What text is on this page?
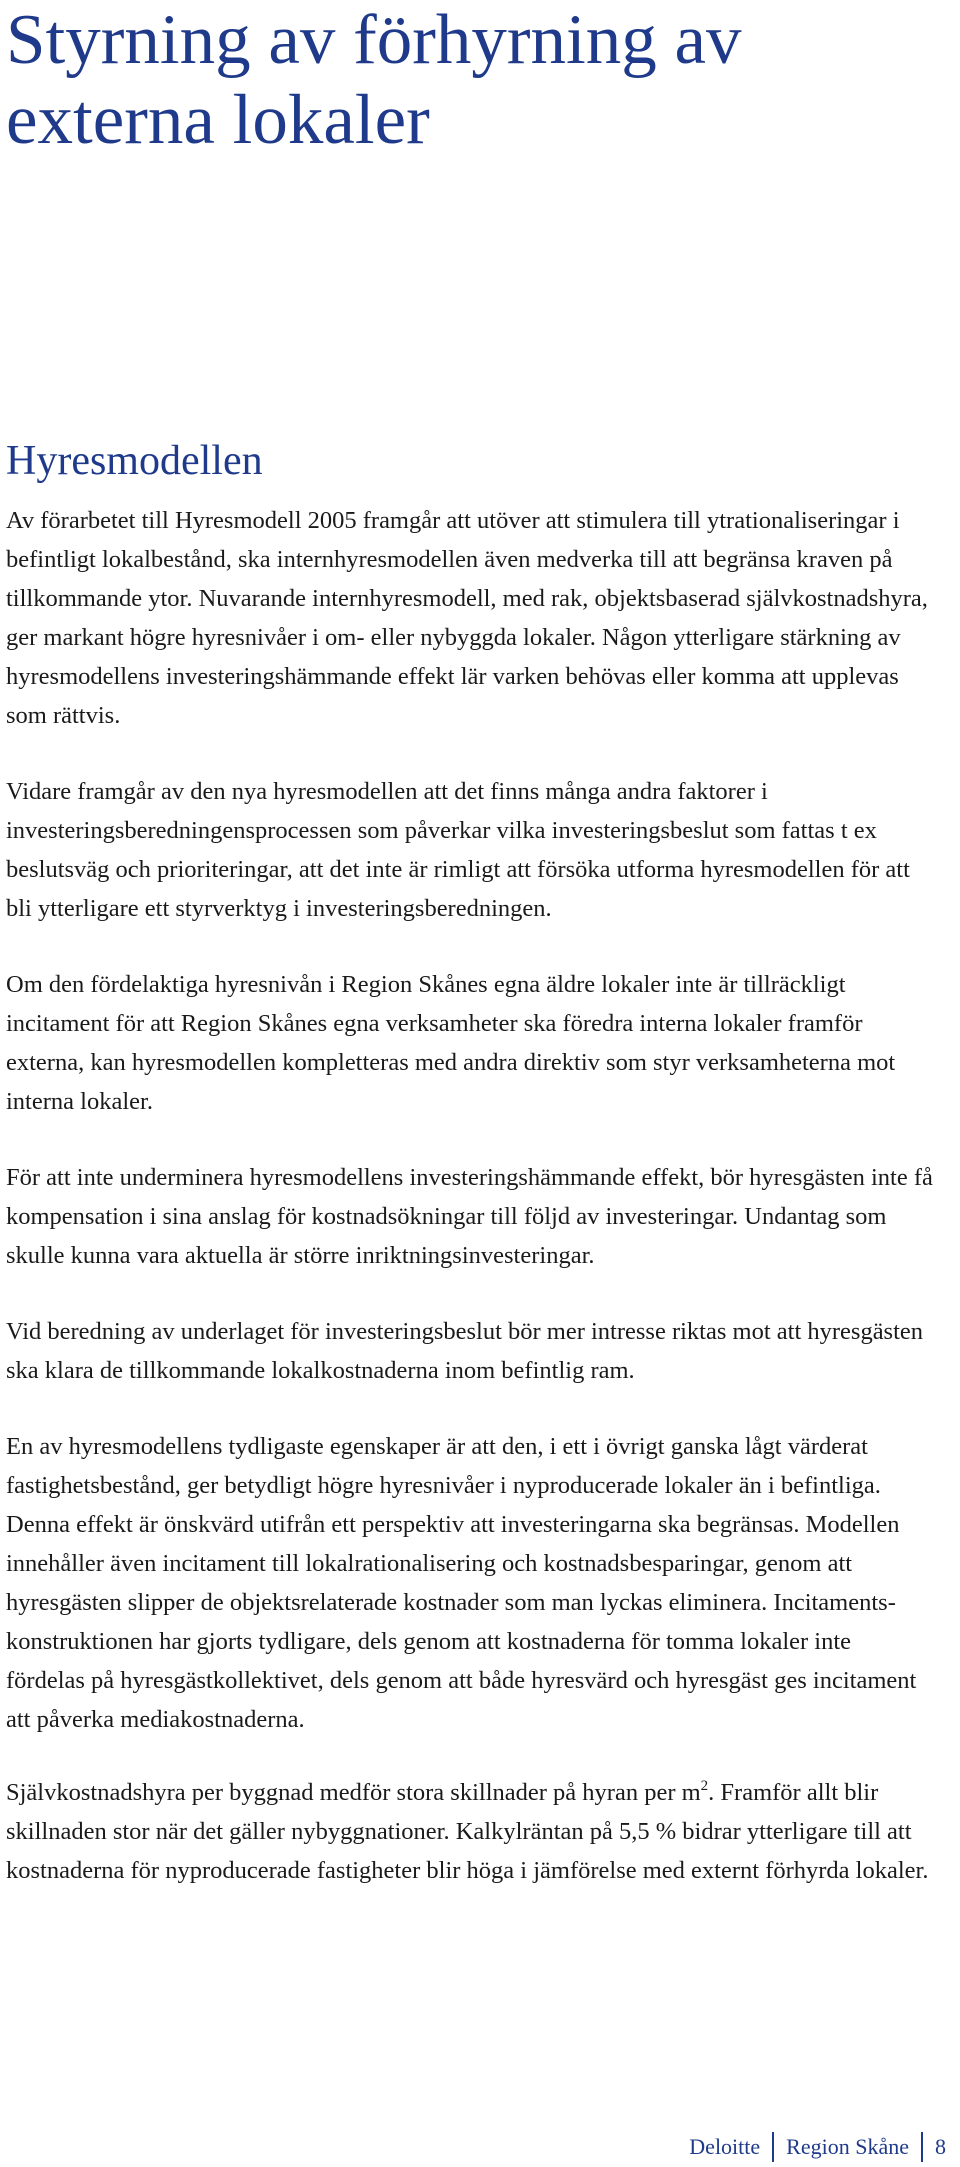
Styrning av förhyrning av externa lokaler
Hyresmodellen

Av förarbetet till Hyresmodell 2005 framgår att utöver att stimulera till ytrationaliseringar i befintligt lokalbestånd, ska internhyresmodellen även medverka till att begränsa kraven på tillkommande ytor. Nuvarande internhyresmodell, med rak, objektsbaserad självkostnadshyra, ger markant högre hyresnivåer i om- eller nybyggda lokaler. Någon ytterligare stärkning av hyresmodellens investeringshämmande effekt lär varken behövas eller komma att upplevas som rättvis.

Vidare framgår av den nya hyresmodellen att det finns många andra faktorer i investeringsberedningensprocessen som påverkar vilka investeringsbeslut som fattas t ex beslutsväg och prioriteringar, att det inte är rimligt att försöka utforma hyresmodellen för att bli ytterligare ett styrverktyg i investeringsberedningen.

Om den fördelaktiga hyresnivån i Region Skånes egna äldre lokaler inte är tillräckligt incitament för att Region Skånes egna verksamheter ska föredra interna lokaler framför externa, kan hyresmodellen kompletteras med andra direktiv som styr verksamheterna mot interna lokaler.

För att inte underminera hyresmodellens investeringshämmande effekt, bör hyresgästen inte få kompensation i sina anslag för kostnadsökningar till följd av investeringar. Undantag som skulle kunna vara aktuella är större inriktningsinvesteringar.

Vid beredning av underlaget för investeringsbeslut bör mer intresse riktas mot att hyresgästen ska klara de tillkommande lokalkostnaderna inom befintlig ram.

En av hyresmodellens tydligaste egenskaper är att den, i ett i övrigt ganska lågt värderat fastighetsbestånd, ger betydligt högre hyresnivåer i nyproducerade lokaler än i befintliga. Denna effekt är önskvärd utifrån ett perspektiv att investeringarna ska begränsas. Modellen innehåller även incitament till lokalrationalisering och kostnadsbesparingar, genom att hyresgästen slipper de objektsrelaterade kostnader som man lyckas eliminera. Incitaments-konstruktionen har gjorts tydligare, dels genom att kostnaderna för tomma lokaler inte fördelas på hyresgästkollektivet, dels genom att både hyresvärd och hyresgäst ges incitament att påverka mediakostnaderna.

Självkostnadshyra per byggnad medför stora skillnader på hyran per $m^2$. Framför allt blir skillnaden stor när det gäller nybyggnationer. Kalkylräntan på 5,5 % bidrar ytterligare till att kostnaderna för nyproducerade fastigheter blir höga i jämförelse med externt förhyrda lokaler.

Deloitte Region Skåne 8
